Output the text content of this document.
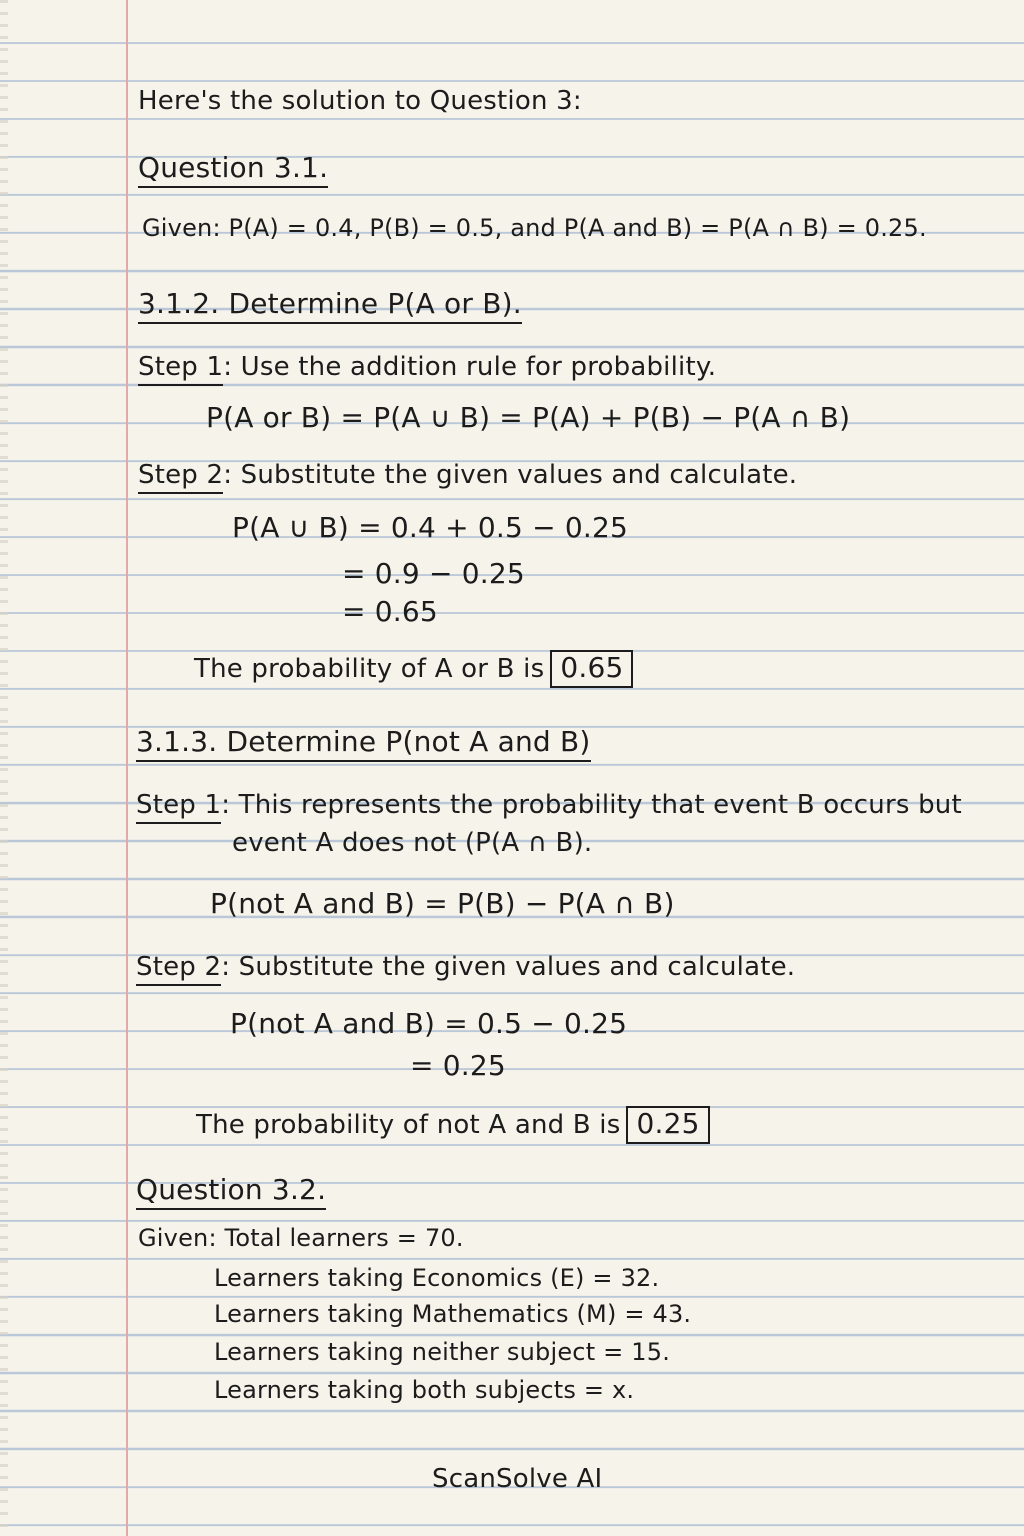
Here's the solution to Question 3:
Question 3.1.
Given: P(A) = 0.4, P(B) = 0.5, and P(A and B) = P(A ∩ B) = 0.25.
3.1.2. Determine P(A or B).
Step 1: Use the addition rule for probability.
P(A or B) = P(A ∪ B) = P(A) + P(B) − P(A ∩ B)
Step 2: Substitute the given values and calculate.
P(A ∪ B) = 0.4 + 0.5 − 0.25
= 0.9 − 0.25
= 0.65
The probability of A or B is 0.65
3.1.3. Determine P(not A and B)
Step 1: This represents the probability that event B occurs but
event A does not (P(A ∩ B).
P(not A and B) = P(B) − P(A ∩ B)
Step 2: Substitute the given values and calculate.
P(not A and B) = 0.5 − 0.25
= 0.25
The probability of not A and B is 0.25
Question 3.2.
Given: Total learners = 70.
Learners taking Economics (E) = 32.
Learners taking Mathematics (M) = 43.
Learners taking neither subject = 15.
Learners taking both subjects = x.
ScanSolve AI
